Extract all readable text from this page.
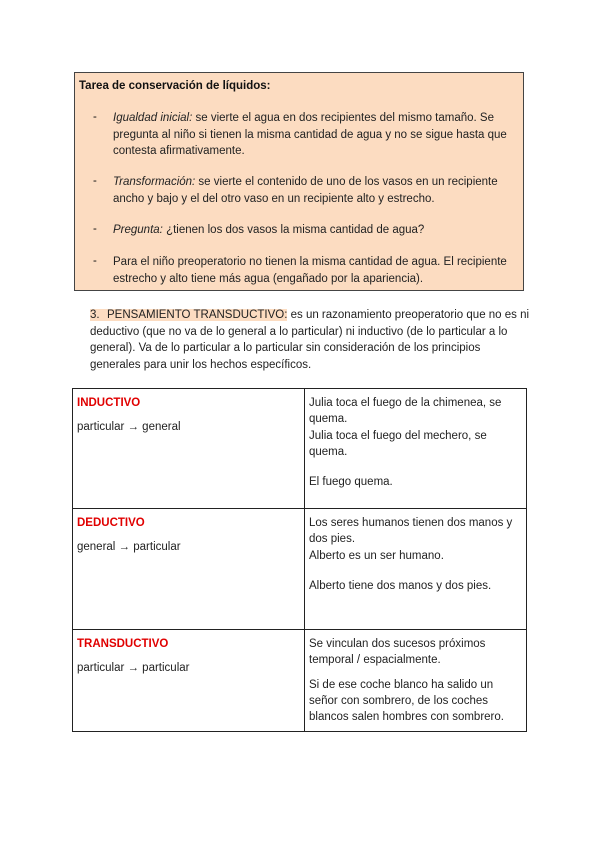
Tarea de conservación de líquidos:
- Igualdad inicial: se vierte el agua en dos recipientes del mismo tamaño. Se pregunta al niño si tienen la misma cantidad de agua y no se sigue hasta que contesta afirmativamente.
- Transformación: se vierte el contenido de uno de los vasos en un recipiente ancho y bajo y el del otro vaso en un recipiente alto y estrecho.
- Pregunta: ¿tienen los dos vasos la misma cantidad de agua?
- Para el niño preoperatorio no tienen la misma cantidad de agua. El recipiente estrecho y alto tiene más agua (engañado por la apariencia).
3. PENSAMIENTO TRANSDUCTIVO: es un razonamiento preoperatorio que no es ni deductivo (que no va de lo general a lo particular) ni inductivo (de lo particular a lo general). Va de lo particular a lo particular sin consideración de los principios generales para unir los hechos específicos.
INDUCTIVO
particular → general	Julia toca el fuego de la chimenea, se quema.
Julia toca el fuego del mechero, se quema.
El fuego quema.

DEDUCTIVO
general → particular	Los seres humanos tienen dos manos y dos pies.
Alberto es un ser humano.
Alberto tiene dos manos y dos pies.

TRANSDUCTIVO
particular → particular	Se vinculan dos sucesos próximos temporal / espacialmente.
Si de ese coche blanco ha salido un señor con sombrero, de los coches blancos salen hombres con sombrero.
